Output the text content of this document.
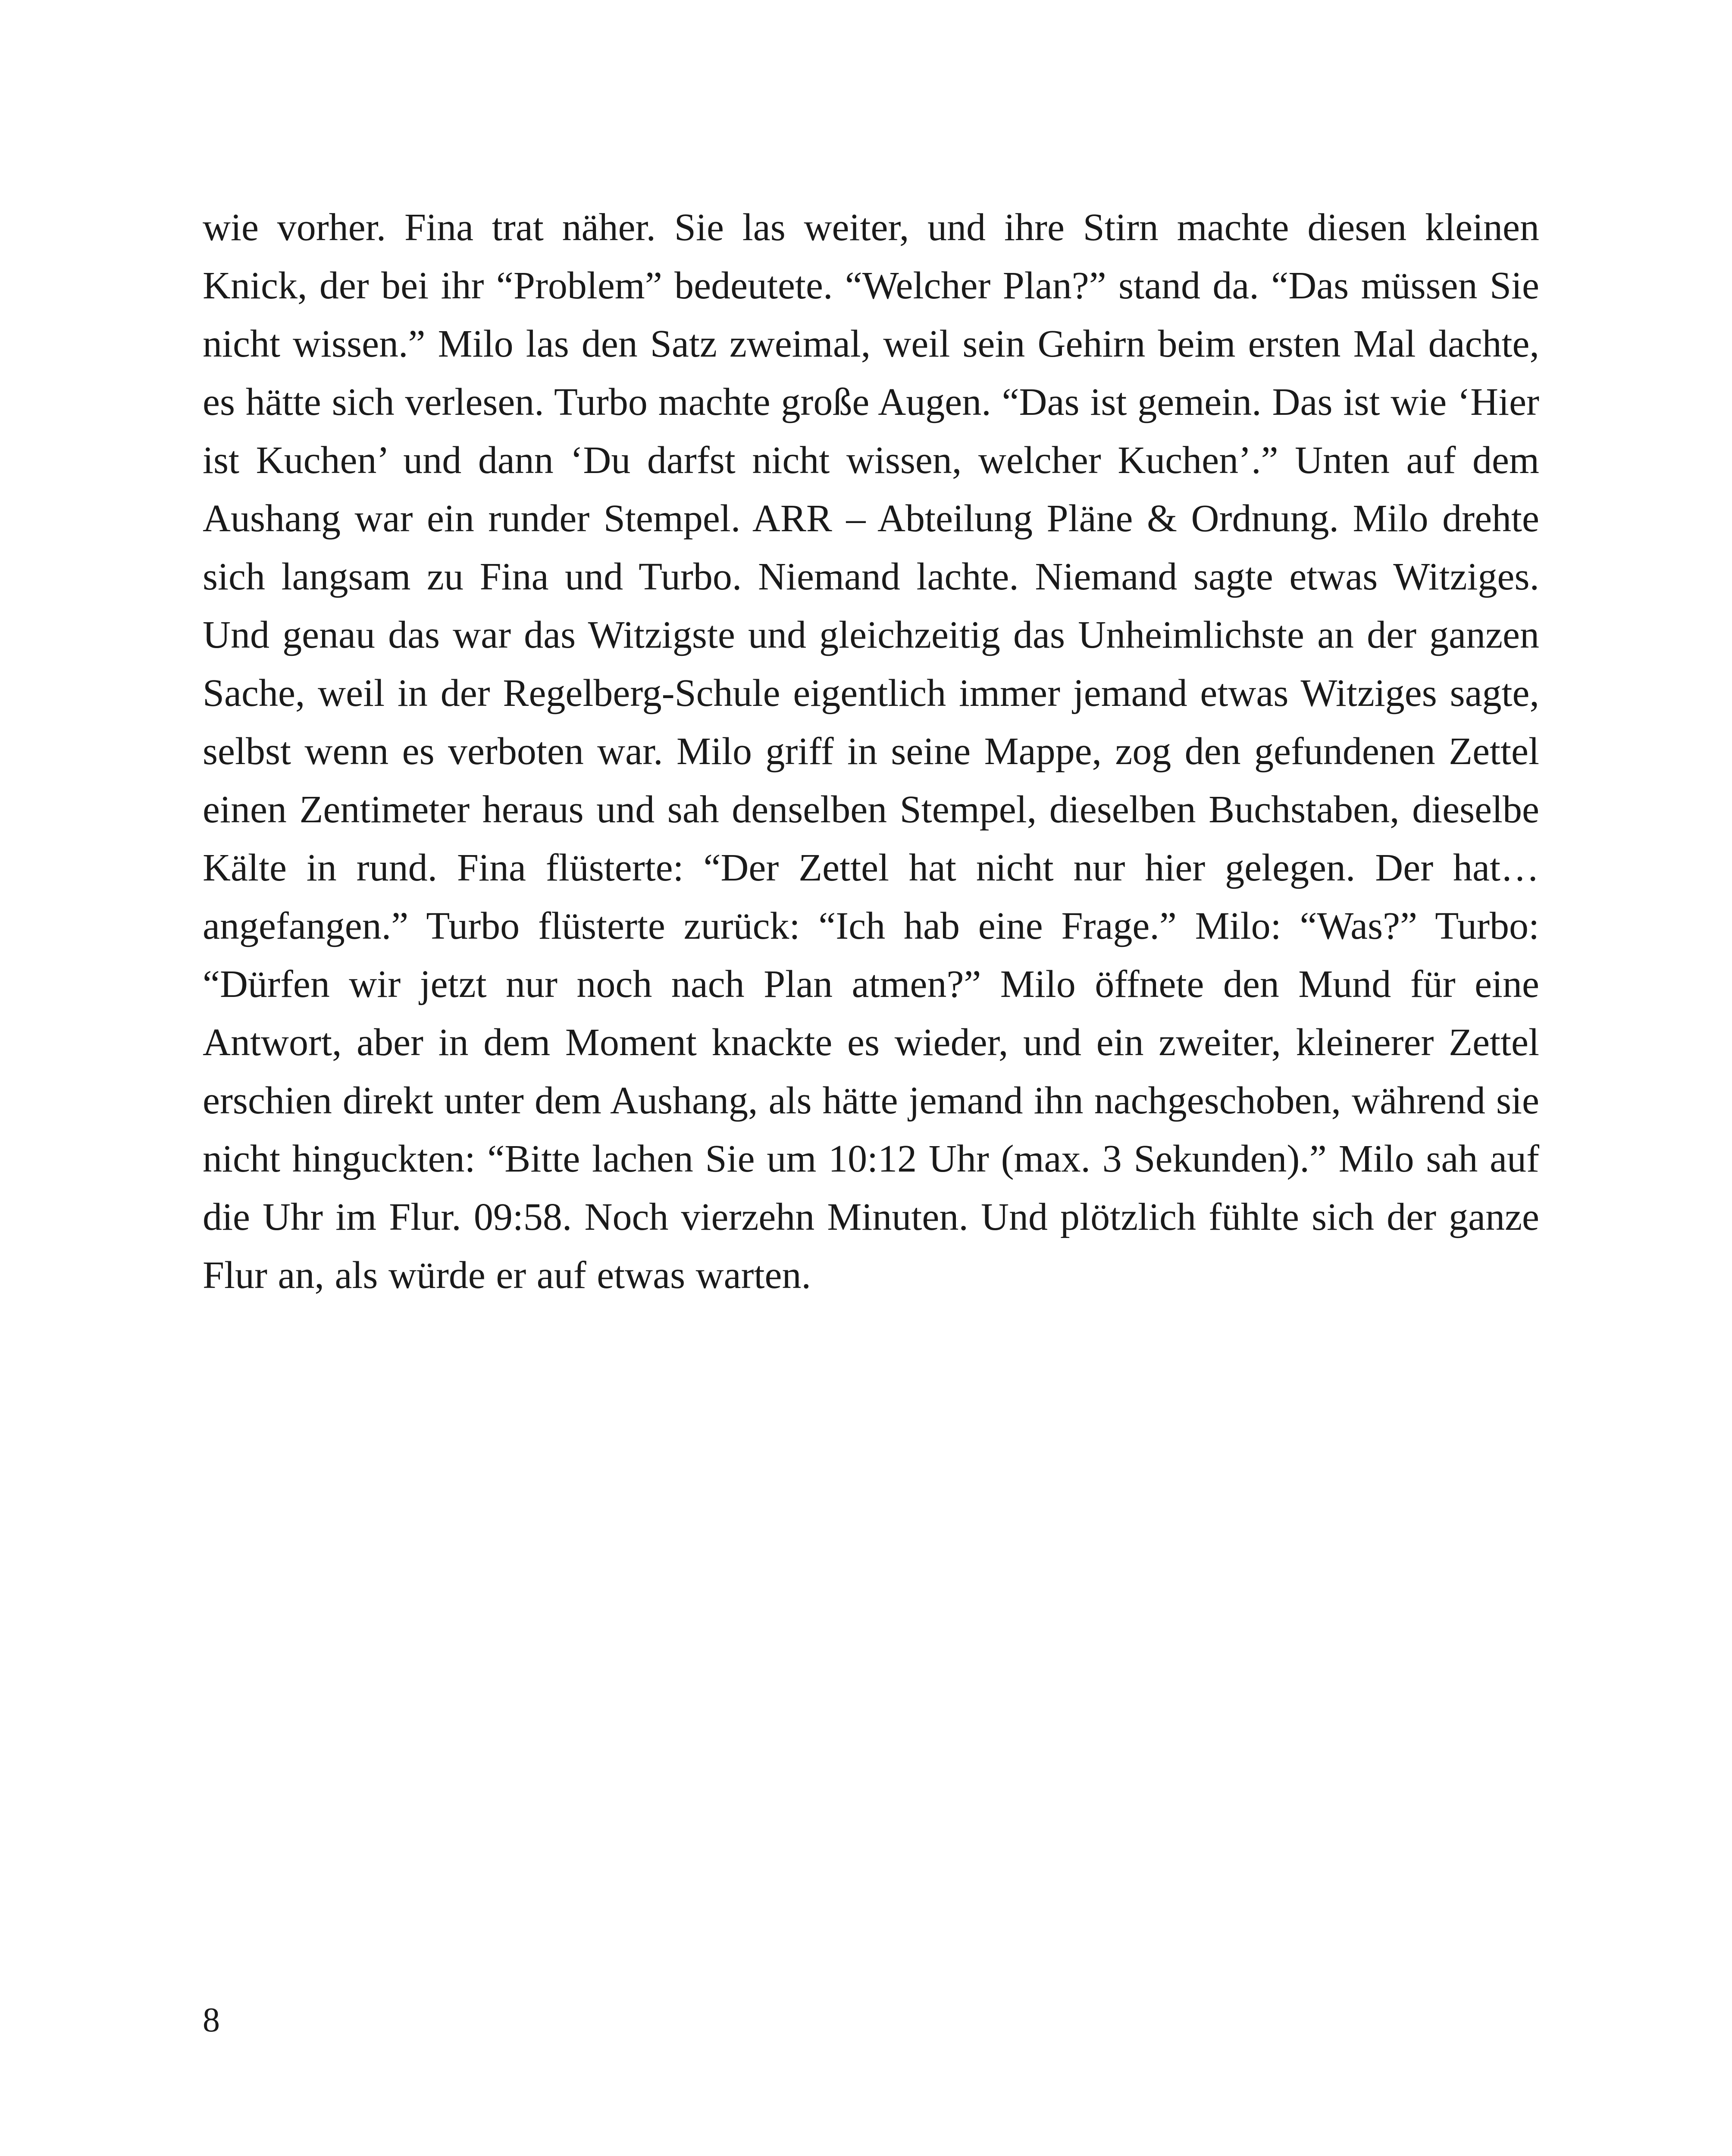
wie vorher. Fina trat näher. Sie las weiter, und ihre Stirn machte diesen kleinen Knick, der bei ihr “Problem” bedeutete. “Welcher Plan?” stand da. “Das müssen Sie nicht wissen.” Milo las den Satz zweimal, weil sein Gehirn beim ersten Mal dachte, es hätte sich verlesen. Turbo machte große Augen. “Das ist gemein. Das ist wie ‘Hier ist Kuchen’ und dann ‘Du darfst nicht wissen, welcher Kuchen’.” Unten auf dem Aushang war ein runder Stempel. ARR – Abteilung Pläne & Ordnung. Milo drehte sich langsam zu Fina und Turbo. Niemand lachte. Niemand sagte etwas Witziges. Und genau das war das Witzigste und gleichzeitig das Unheimlichste an der ganzen Sache, weil in der Regelberg-Schule eigentlich immer jemand etwas Witziges sagte, selbst wenn es verboten war. Milo griff in seine Mappe, zog den gefundenen Zettel einen Zentimeter heraus und sah denselben Stempel, dieselben Buchstaben, dieselbe Kälte in rund. Fina flüsterte: “Der Zettel hat nicht nur hier gelegen. Der hat… angefangen.” Turbo flüsterte zurück: “Ich hab eine Frage.” Milo: “Was?” Turbo: “Dürfen wir jetzt nur noch nach Plan atmen?” Milo öffnete den Mund für eine Antwort, aber in dem Moment knackte es wieder, und ein zweiter, kleinerer Zettel erschien direkt unter dem Aushang, als hätte jemand ihn nachgeschoben, während sie nicht hinguckten: “Bitte lachen Sie um 10:12 Uhr (max. 3 Sekunden).” Milo sah auf die Uhr im Flur. 09:58. Noch vierzehn Minuten. Und plötzlich fühlte sich der ganze Flur an, als würde er auf etwas warten.

8
